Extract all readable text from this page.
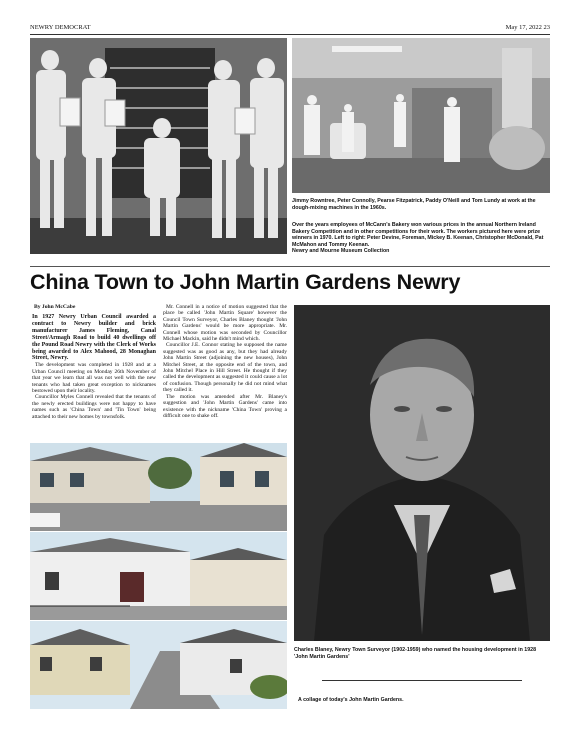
NEWRY DEMOCRAT	May 17, 2022 23
Jimmy Rowntree, Peter Connolly, Pearse Fitzpatrick, Paddy O'Neill and Tom Lundy at work at the dough-mixing machines in the 1960s.
Over the years employees of McCann's Bakery won various prices in the annual Northern Ireland Bakery Competition and in other competitions for their work. The workers pictured here were prize winners in 1970. Left to right: Peter Devine, Foreman, Mickey B. Keenan, Christopher McDonald, Pat McMahon and Tommy Keenan.
Newry and Mourne Museum Collection
China Town to John Martin Gardens Newry
By John McCabe

In 1927 Newry Urban Council awarded a contract to Newry builder and brick manufacturer James Fleming, Canal Street/Armagh Road to build 40 dwellings off the Pound Road Newry with the Clerk of Works being awarded to Alex Mahood, 28 Monaghan Street, Newry.

The development was completed in 1928 and at a Urban Council meeting on Monday 26th November of that year we learn that all was not well with the new tenants who had taken great exception to nicknames bestowed upon their locality.

Councillor Myles Connell revealed that the tenants of the newly erected buildings were not happy to have names such as 'China Town' and 'Tin Town' being attached to their new homes by townsfolk.

Mr. Connell in a notice of motion suggested that the place be called 'John Martin Square' however the Council Town Surveyor, Charles Blaney thought 'John Martin Gardens' would be more appropriate. Mr. Connell whose motion was seconded by Councillor Michael Mackin, said he didn't mind which.

Councillor J.E. Connor stating he supposed the name suggested was as good as any, but they had already John Martin Street (adjoining the new houses), John Mitchel Street, at the opposite end of the town, and John Mitchel Place in Hill Street. He thought if they called the development as suggested it could cause a lot of confusion. Though personally he did not mind what they called it.

The motion was amended after Mr. Blaney's suggestion and 'John Martin Gardens' came into existence with the nickname 'China Town' proving a difficult one to shake off.

Charles Blaney, Newry Town Surveyor (1902-1959) who named the housing development in 1928 'John Martin Gardens'
A collage of today's John Martin Gardens.
